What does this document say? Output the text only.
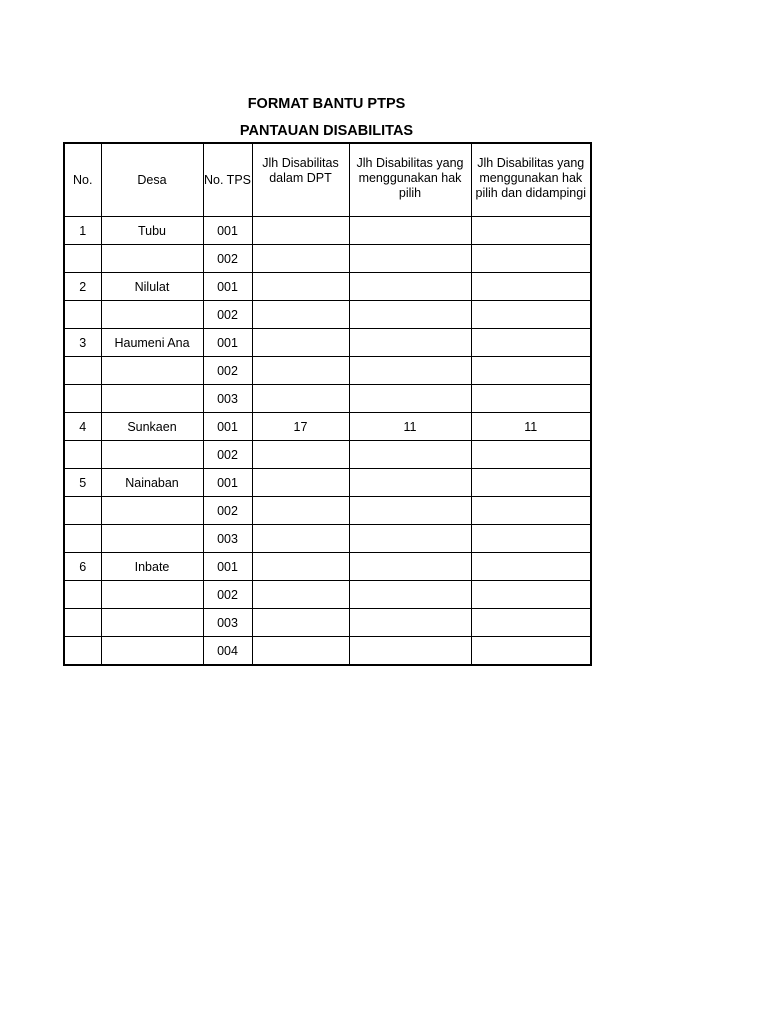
FORMAT BANTU PTPS
PANTAUAN DISABILITAS
No.	Desa	No. TPS	Jlh Disabilitas dalam DPT	Jlh Disabilitas yang menggunakan hak pilih	Jlh Disabilitas yang menggunakan hak pilih dan didampingi
1	Tubu	001			
		002			
2	Nilulat	001			
		002			
3	Haumeni Ana	001			
		002			
		003			
4	Sunkaen	001	17	11	11
		002			
5	Nainaban	001			
		002			
		003			
6	Inbate	001			
		002			
		003			
		004			
